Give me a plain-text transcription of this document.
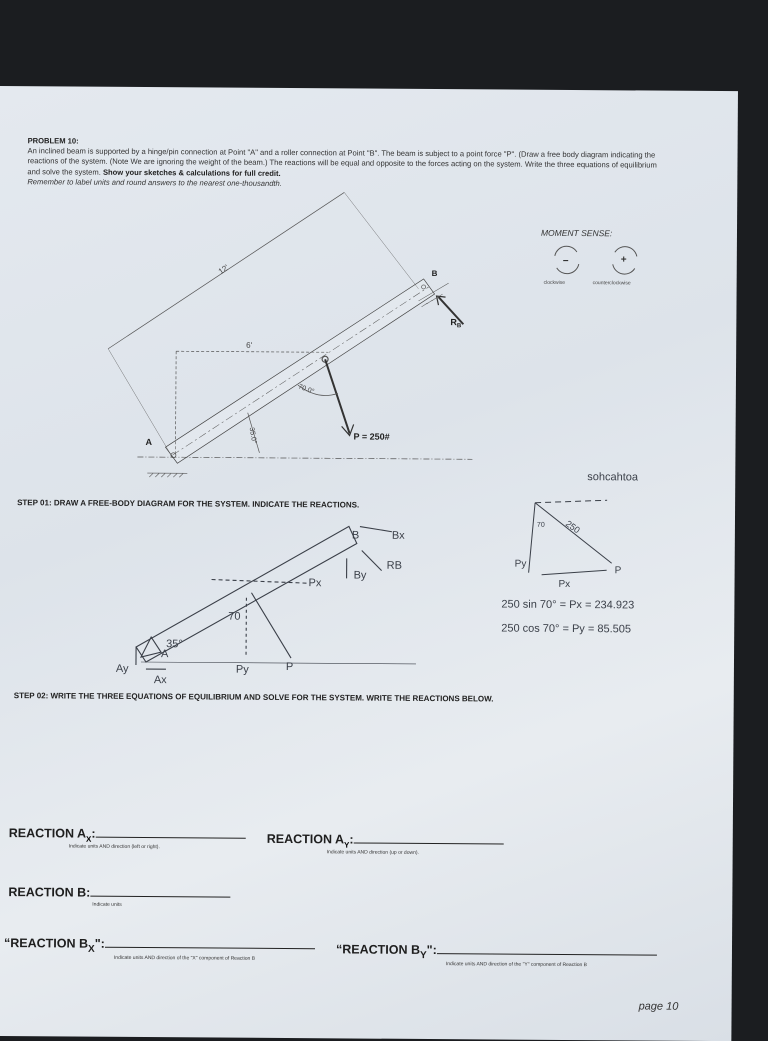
PROBLEM 10:
An inclined beam is supported by a hinge/pin connection at Point "A" and a roller connection at Point "B". The beam is subject to a point force "P". (Draw a free body diagram indicating the reactions of the system. (Note We are ignoring the weight of the beam.) The reactions will be equal and opposite to the forces acting on the system. Write the three equations of equilibrium and solve the system. Show your sketches & calculations for full credit.
Remember to label units and round answers to the nearest one-thousandth.
12'
6'
70.0°
35.0°	P = 250#
A
B
$R_B$
MOMENT SENSE:
−	+
clockwise	counterclockwise
STEP 01: DRAW A FREE-BODY DIAGRAM FOR THE SYSTEM. INDICATE THE REACTIONS.
B	Bx
By
RB
Px
Py	P
A
Ax
Ay
70
35°
sohcahtoa
70 250
Py
Px
P
250 sin 70° = Px = 234.923
250 cos 70° = Py = 85.505
STEP 02: WRITE THE THREE EQUATIONS OF EQUILIBRIUM AND SOLVE FOR THE SYSTEM. WRITE THE REACTIONS BELOW.
REACTION $A_X$:
Indicate units AND direction (left or right).
REACTION $A_Y$:
Indicate units AND direction (up or down).
REACTION B:
Indicate units
“REACTION $B_X$":
Indicate units AND direction of the "X" component of Reaction B
“REACTION $B_Y$":
Indicate units AND direction of the "Y" component of Reaction B
page 10
